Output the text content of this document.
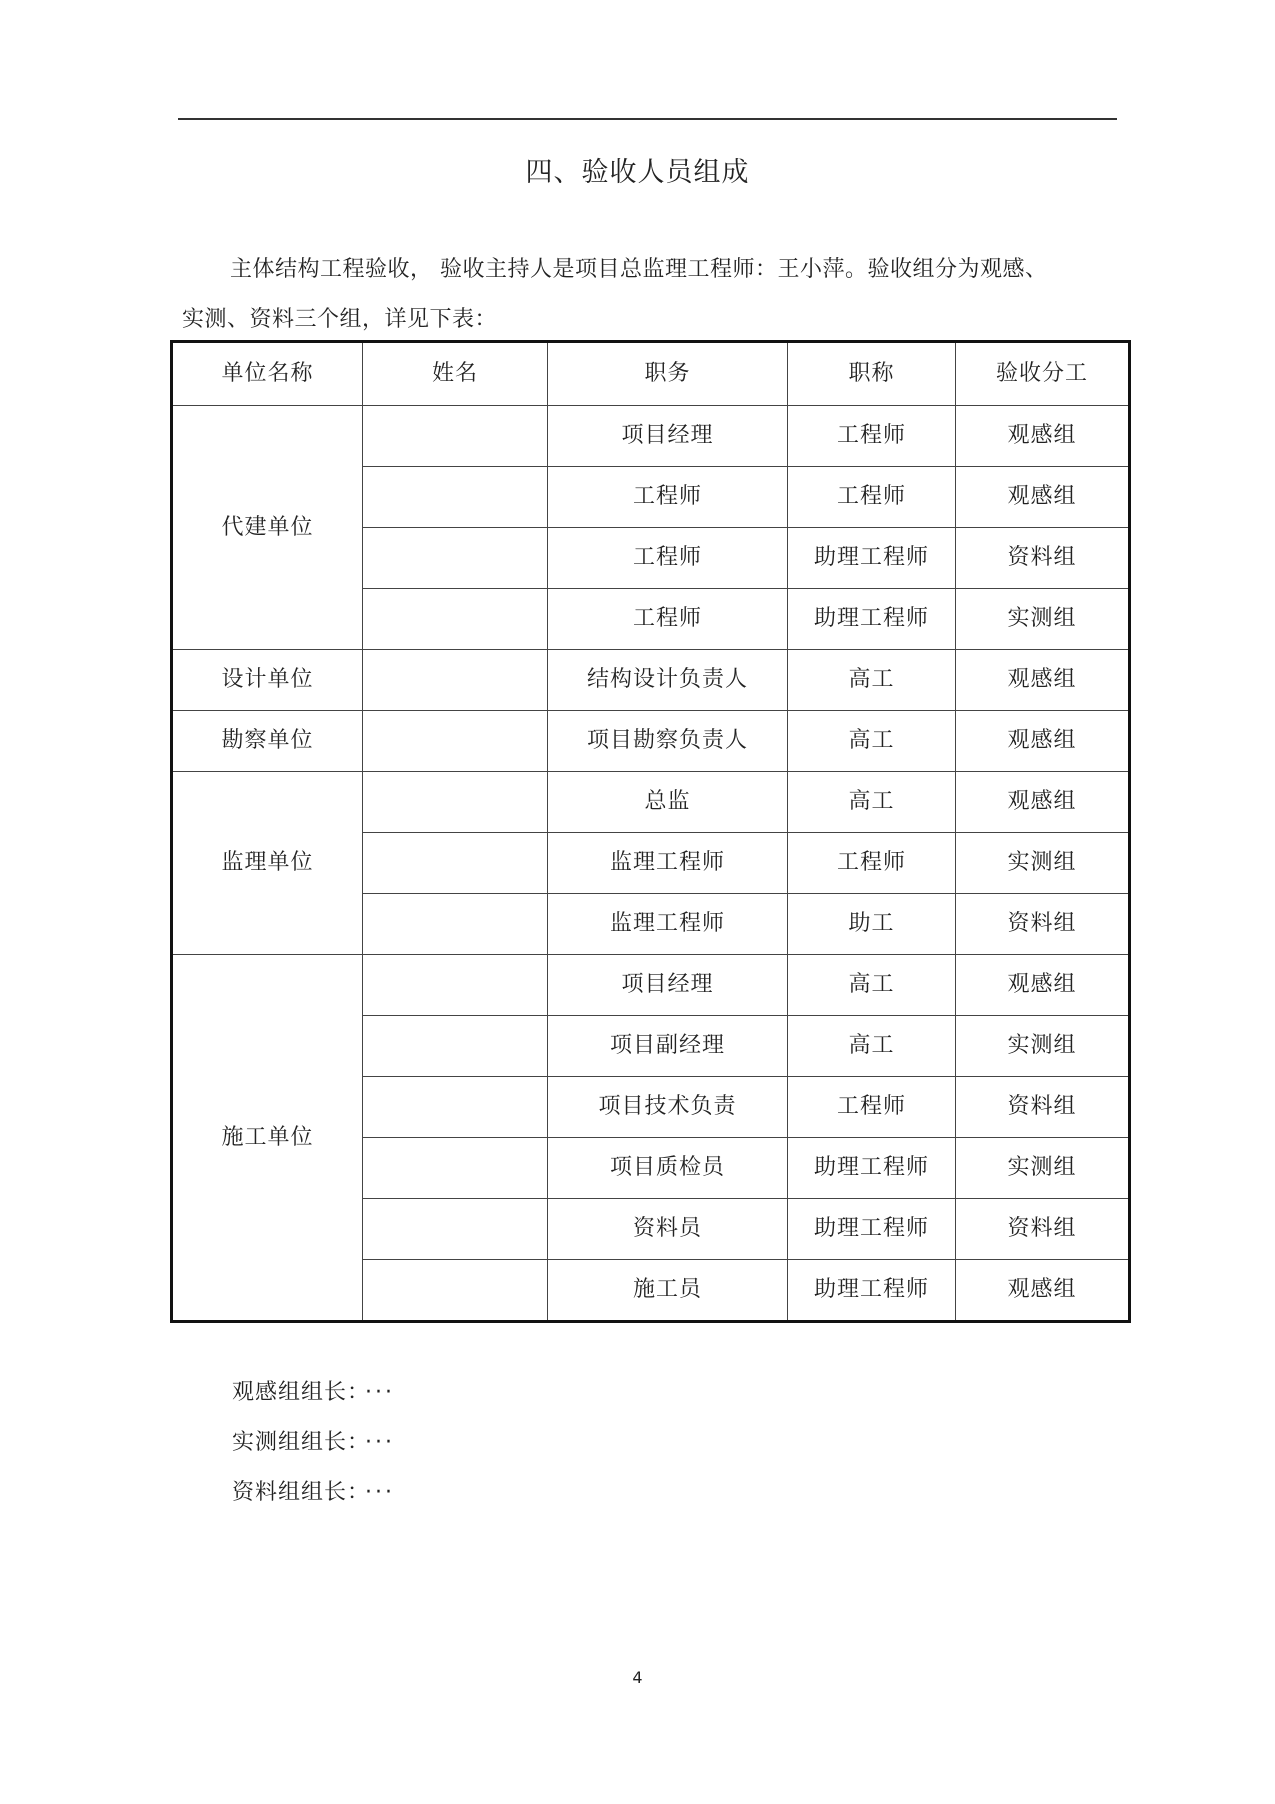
四、验收人员组成
主体结构工程验收， 验收主持人是项目总监理工程师：王小萍。验收组分为观感、
实测、资料三个组，详见下表：
单位名称	姓名	职务	职称	验收分工
代建单位		项目经理	工程师	观感组
		工程师	工程师	观感组
		工程师	助理工程师	资料组
		工程师	助理工程师	实测组
设计单位		结构设计负责人	高工	观感组
勘察单位		项目勘察负责人	高工	观感组
监理单位		总监	高工	观感组
		监理工程师	工程师	实测组
		监理工程师	助工	资料组
施工单位		项目经理	高工	观感组
		项目副经理	高工	实测组
		项目技术负责	工程师	资料组
		项目质检员	助理工程师	实测组
		资料员	助理工程师	资料组
		施工员	助理工程师	观感组
观感组组长： ···
实测组组长： ···
资料组组长： ···
4
